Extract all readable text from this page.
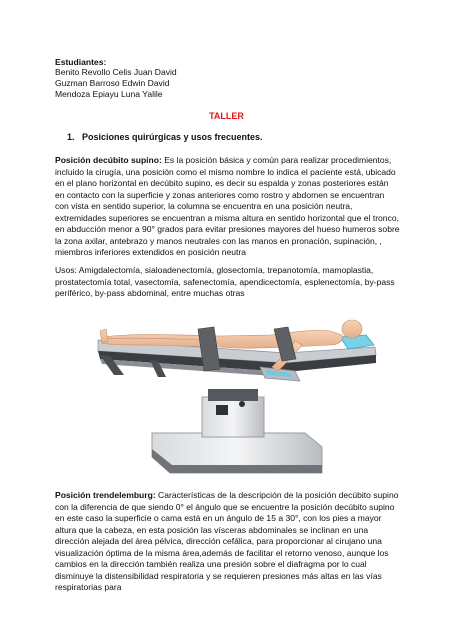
Estudiantes:
Benito Revollo Celis Juan David
Guzman Barroso Edwin David
Mendoza Epiayu Luna Yalile
TALLER
1. Posiciones quirúrgicas y usos frecuentes.
Posición decúbito supino: Es la posición básica y común para realizar procedimientos, incluido la cirugía, una posición como el mismo nombre lo indica el paciente está, ubicado en el plano horizontal en decúbito supino, es decir su espalda y zonas posteriores están en contacto con la superficie y zonas anteriores como rostro y abdomen se encuentran con vista en sentido superior, la columna se encuentra en una posición neutra, extremidades superiores se encuentran a misma altura en sentido horizontal que el tronco, en abducción menor a 90° grados para evitar presiones mayores del hueso humeros sobre la zona axilar, antebrazo y manos neutrales con las manos en pronación, supinación, , miembros inferiores extendidos en posición neutra
Usos: Amigdalectomía, sialoadenectomía, glosectomía, trepanotomía, mamoplastia, prostatectomía total, vasectomía, safenectomía, apendicectomía, esplenectomía, by-pass periférico, by-pass abdominal, entre muchas otras
Posición trendelemburg: Características de la descripción de la posición decúbito supino con la diferencia de que siendo 0° el ángulo que se encuentre la posición decúbito supino en este caso la superficie o cama está en un ángulo de 15 a 30°, con los pies a mayor altura que la cabeza, en esta posición las vísceras abdominales se inclinan en una dirección alejada del área pélvica, dirección cefálica, para proporcionar al cirujano una visualización óptima de la misma área,además de facilitar el retorno venoso, aunque los cambios en la dirección también realiza una presión sobre el diafragma por lo cual disminuye la distensibilidad respiratoria y se requieren presiones más altas en las vías respiratorias para
